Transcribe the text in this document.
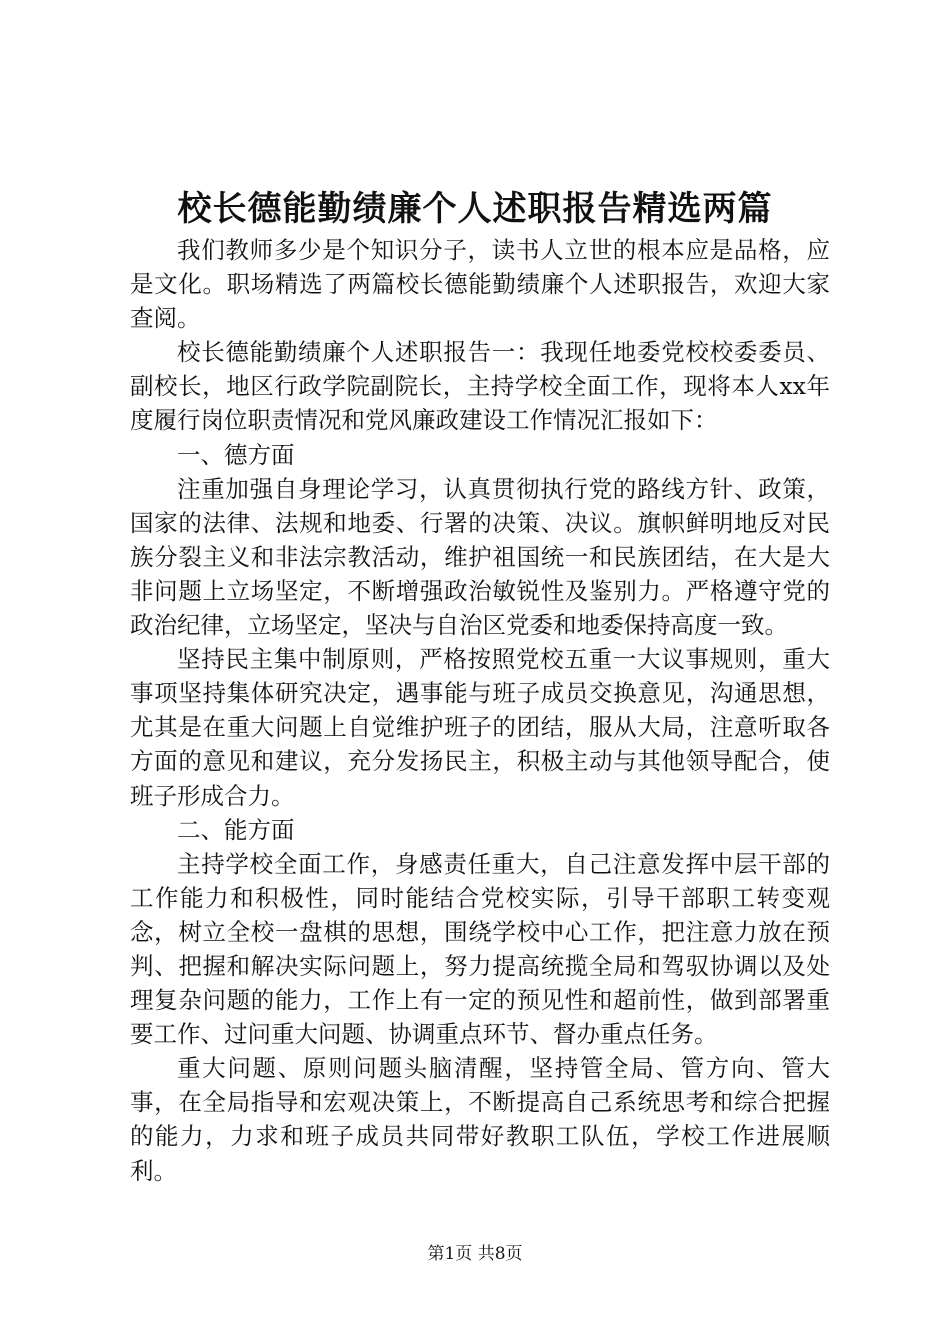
校长德能勤绩廉个人述职报告精选两篇

我们教师多少是个知识分子，读书人立世的根本应是品格，应是文化。职场精选了两篇校长德能勤绩廉个人述职报告，欢迎大家查阅。

校长德能勤绩廉个人述职报告一：我现任地委党校校委委员、副校长，地区行政学院副院长，主持学校全面工作，现将本人xx年度履行岗位职责情况和党风廉政建设工作情况汇报如下：

一、德方面

注重加强自身理论学习，认真贯彻执行党的路线方针、政策，国家的法律、法规和地委、行署的决策、决议。旗帜鲜明地反对民族分裂主义和非法宗教活动，维护祖国统一和民族团结，在大是大非问题上立场坚定，不断增强政治敏锐性及鉴别力。严格遵守党的政治纪律，立场坚定，坚决与自治区党委和地委保持高度一致。

坚持民主集中制原则，严格按照党校五重一大议事规则，重大事项坚持集体研究决定，遇事能与班子成员交换意见，沟通思想，尤其是在重大问题上自觉维护班子的团结，服从大局，注意听取各方面的意见和建议，充分发扬民主，积极主动与其他领导配合，使班子形成合力。

二、能方面

主持学校全面工作，身感责任重大，自己注意发挥中层干部的工作能力和积极性，同时能结合党校实际，引导干部职工转变观念，树立全校一盘棋的思想，围绕学校中心工作，把注意力放在预判、把握和解决实际问题上，努力提高统揽全局和驾驭协调以及处理复杂问题的能力，工作上有一定的预见性和超前性，做到部署重要工作、过问重大问题、协调重点环节、督办重点任务。

重大问题、原则问题头脑清醒，坚持管全局、管方向、管大事，在全局指导和宏观决策上，不断提高自己系统思考和综合把握的能力，力求和班子成员共同带好教职工队伍，学校工作进展顺利。

第1页 共8页
